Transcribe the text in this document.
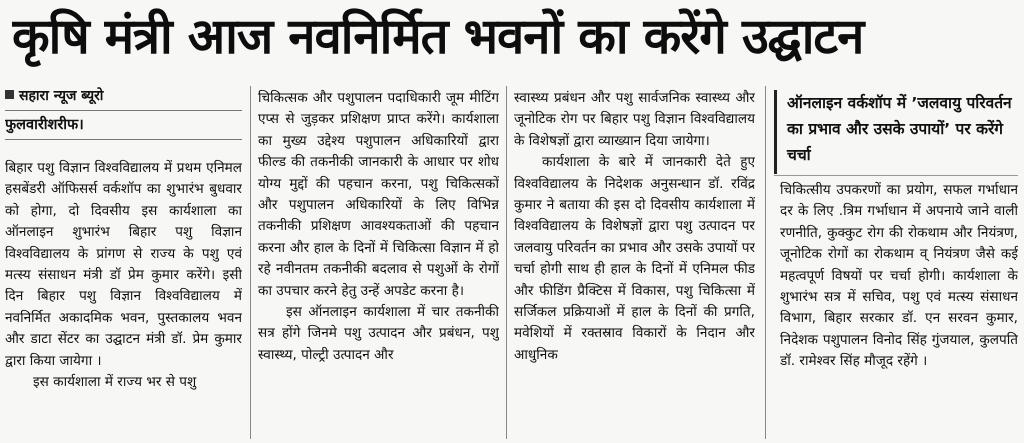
कृषि मंत्री आज नवनिर्मित भवनों का करेंगे उद्घाटन
सहारा न्यूज ब्यूरो
फुलवारीशरीफ।

बिहार पशु विज्ञान विश्वविद्यालय में प्रथम एनिमल हसबेंडरी ऑफिसर्स वर्कशॉप का शुभारंभ बुधवार को होगा, दो दिवसीय इस कार्यशाला का ऑनलाइन शुभारंभ बिहार पशु विज्ञान विश्वविद्यालय के प्रांगण से राज्य के पशु एवं मत्स्य संसाधन मंत्री डॉ प्रेम कुमार करेंगे। इसी दिन बिहार पशु विज्ञान विश्वविद्यालय में नवनिर्मित अकादमिक भवन, पुस्तकालय भवन और डाटा सेंटर का उद्घाटन मंत्री डॉ. प्रेम कुमार द्वारा किया जायेगा ।

इस कार्यशाला में राज्य भर से पशु

चिकित्सक और पशुपालन पदाधिकारी जूम मीटिंग एप्स से जुड़कर प्रशिक्षण प्राप्त करेंगे। कार्यशाला का मुख्य उद्देश्य पशुपालन अधिकारियों द्वारा फील्ड की तकनीकी जानकारी के आधार पर शोध योग्य मुद्दों की पहचान करना, पशु चिकित्सकों और पशुपालन अधिकारियों के लिए विभिन्न तकनीकी प्रशिक्षण आवश्यकताओं की पहचान करना और हाल के दिनों में चिकित्सा विज्ञान में हो रहे नवीनतम तकनीकी बदलाव से पशुओं के रोगों का उपचार करने हेतु उन्हें अपडेट करना है।

इस ऑनलाइन कार्यशाला में चार तकनीकी सत्र होंगे जिनमे पशु उत्पादन और प्रबंधन, पशु स्वास्थ्य, पोल्ट्री उत्पादन और

स्वास्थ्य प्रबंधन और पशु सार्वजनिक स्वास्थ्य और जूनोटिक रोग पर बिहार पशु विज्ञान विश्वविद्यालय के विशेषज्ञों द्वारा व्याख्यान दिया जायेगा।

कार्यशाला के बारे में जानकारी देते हुए विश्वविद्यालय के निदेशक अनुसन्धान डॉ. रविंद्र कुमार ने बताया की इस दो दिवसीय कार्यशाला में विश्वविद्यालय के विशेषज्ञों द्वारा पशु उत्पादन पर जलवायु परिवर्तन का प्रभाव और उसके उपायों पर चर्चा होगी साथ ही हाल के दिनों में एनिमल फीड और फीडिंग प्रैक्टिस में विकास, पशु चिकित्सा में सर्जिकल प्रक्रियाओं में हाल के दिनों की प्रगति, मवेशियों में रक्तस्राव विकारों के निदान और आधुनिक

ऑनलाइन वर्कशॉप में ’जलवायु परिवर्तन का प्रभाव और उसके उपायों’ पर करेंगे चर्चा

चिकित्सीय उपकरणों का प्रयोग, सफल गर्भाधान दर के लिए .त्रिम गर्भाधान में अपनाये जाने वाली रणनीति, कुक्कुट रोग की रोकथाम और नियंत्रण, जूनोटिक रोगों का रोकथाम व् नियंत्रण जैसे कई महत्वपूर्ण विषयों पर चर्चा होगी। कार्यशाला के शुभारंभ सत्र में सचिव, पशु एवं मत्स्य संसाधन विभाग, बिहार सरकार डॉ. एन सरवन कुमार, निदेशक पशुपालन विनोद सिंह गुंजयाल, कुलपति डॉ. रामेश्वर सिंह मौजूद रहेंगे ।
